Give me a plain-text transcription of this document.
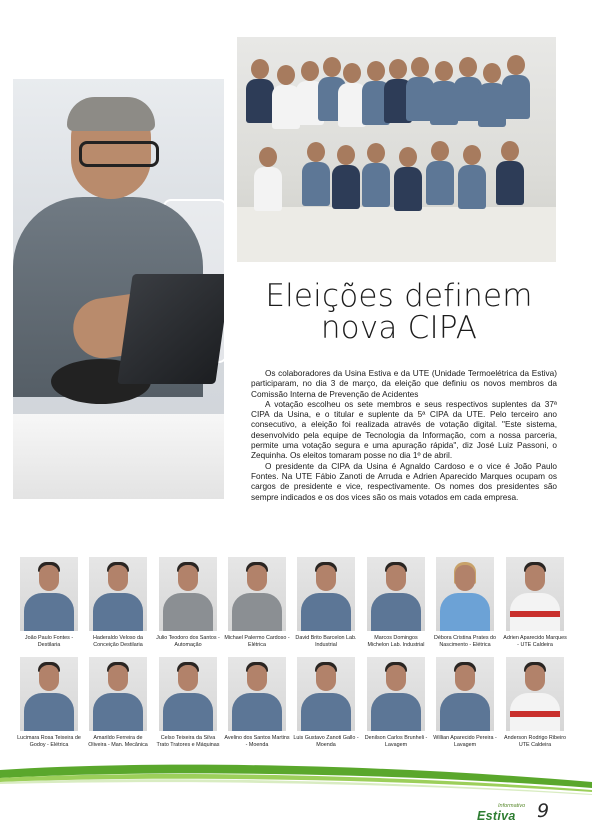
Eleições definem
nova CIPA

Os colaboradores da Usina Estiva e da UTE (Unidade Termoelétrica da Estiva) participaram, no dia 3 de março, da eleição que definiu os novos membros da Comissão Interna de Prevenção de Acidentes

A votação escolheu os sete membros e seus respectivos suplentes da 37ª CIPA da Usina, e o titular e suplente da 5ª CIPA da UTE. Pelo terceiro ano consecutivo, a eleição foi realizada através de votação digital. "Este sistema, desenvolvido pela equipe de Tecnologia da Informação, com a nossa parceria, permite uma votação segura e uma apuração rápida", diz José Luiz Passoni, o Zequinha. Os eleitos tomaram posse no dia 1º de abril.

O presidente da CIPA da Usina é Agnaldo Cardoso e o vice é João Paulo Fontes. Na UTE Fábio Zanoti de Arruda e Adrien Aparecido Marques ocupam os cargos de presidente e vice, respectivamente. Os nomes dos presidentes são sempre indicados e os dos vices são os mais votados em cada empresa.

João Paulo Fontes - Destilaria
Haderaldo Veloso da Conceição Destilaria
Julio Teodoro dos Santos - Automação
Michael Palermo Cardoso - Elétrica
David Brito Barcelon Lab. Industrial
Marcos Domingos Michelon Lab. Industrial
Débora Cristina Prates do Nascimento - Elétrica
Adrien Aparecido Marques - UTE Caldeira
Lucimara Rosa Teixeira de Godoy - Elétrica
Amarildo Ferreira de Oliveira - Man. Mecânica
Celso Teixeira da Silva Trato Tratores e Máquinas
Avelino dos Santos Martins - Moenda
Luis Gustavo Zanoti Gallo - Moenda
Denilson Carlos Brunheli - Lavagem
Willian Aparecido Pereira - Lavagem
Anderson Rodrigo Ribeiro UTE Caldeira
Informativo
Estiva 9
